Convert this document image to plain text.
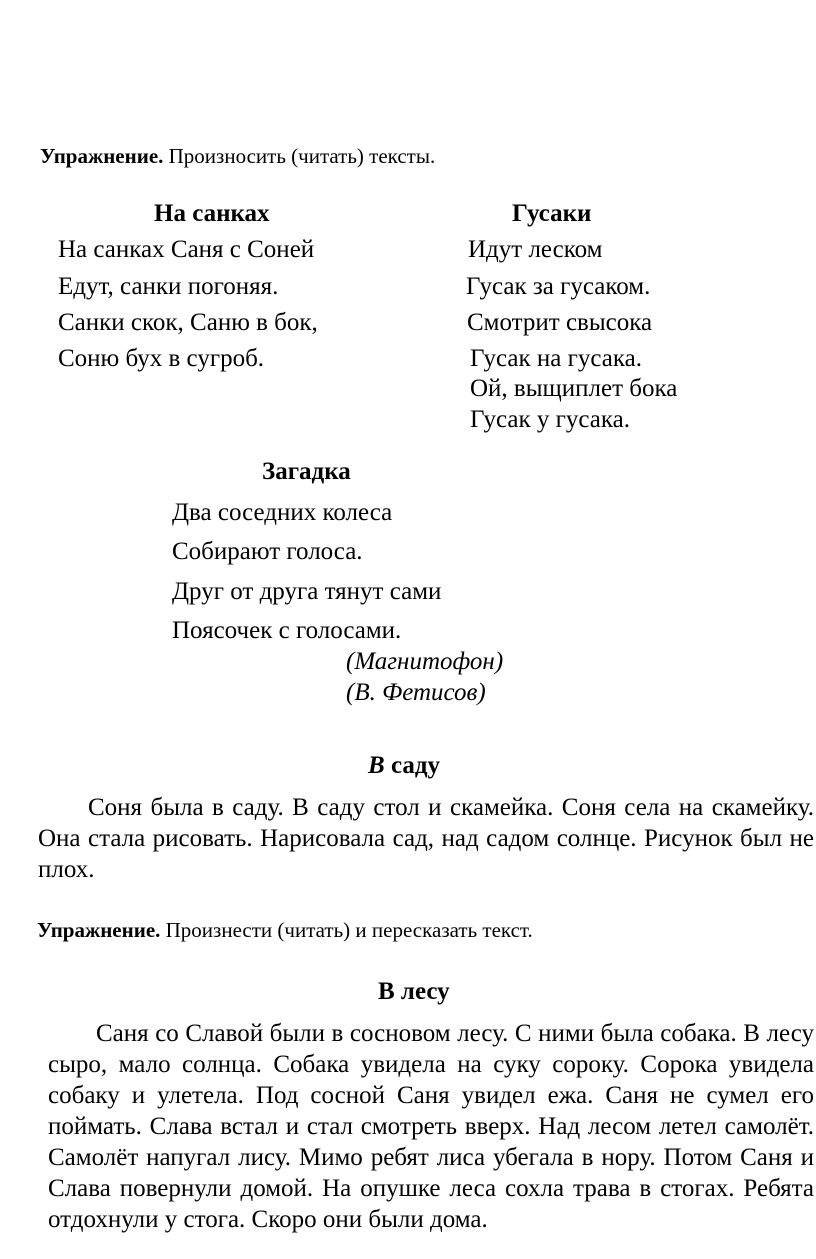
Упражнение. Произносить (читать) тексты.
На санках
На санках Саня с Соней
Едут, санки погоняя.
Санки скок, Саню в бок,
Соню бух в сугроб.
Гусаки
Идут леском
Гусак за гусаком.
Смотрит свысока
Гусак на гусака.
Ой, выщиплет бока
Гусак у гусака.
Загадка
Два соседних колеса
Собирают голоса.
Друг от друга тянут сами
Поясочек с голосами.
(Магнитофон)
(В. Фетисов)
В саду
Соня была в саду. В саду стол и скамейка. Соня села на скамейку. Она стала рисовать. Нарисовала сад, над садом солнце. Рисунок был не плох.
Упражнение. Произнести (читать) и пересказать текст.
В лесу
Саня со Славой были в сосновом лесу. С ними была собака. В лесу сыро, мало солнца. Собака увидела на суку сороку. Сорока увидела собаку и улетела. Под сосной Саня увидел ежа. Саня не сумел его поймать. Слава встал и стал смотреть вверх. Над лесом летел самолёт. Самолёт напугал лису. Мимо ребят лиса убегала в нору. Потом Саня и Слава повернули домой. На опушке леса сохла трава в стогах. Ребята отдохнули у стога. Скоро они были дома.
